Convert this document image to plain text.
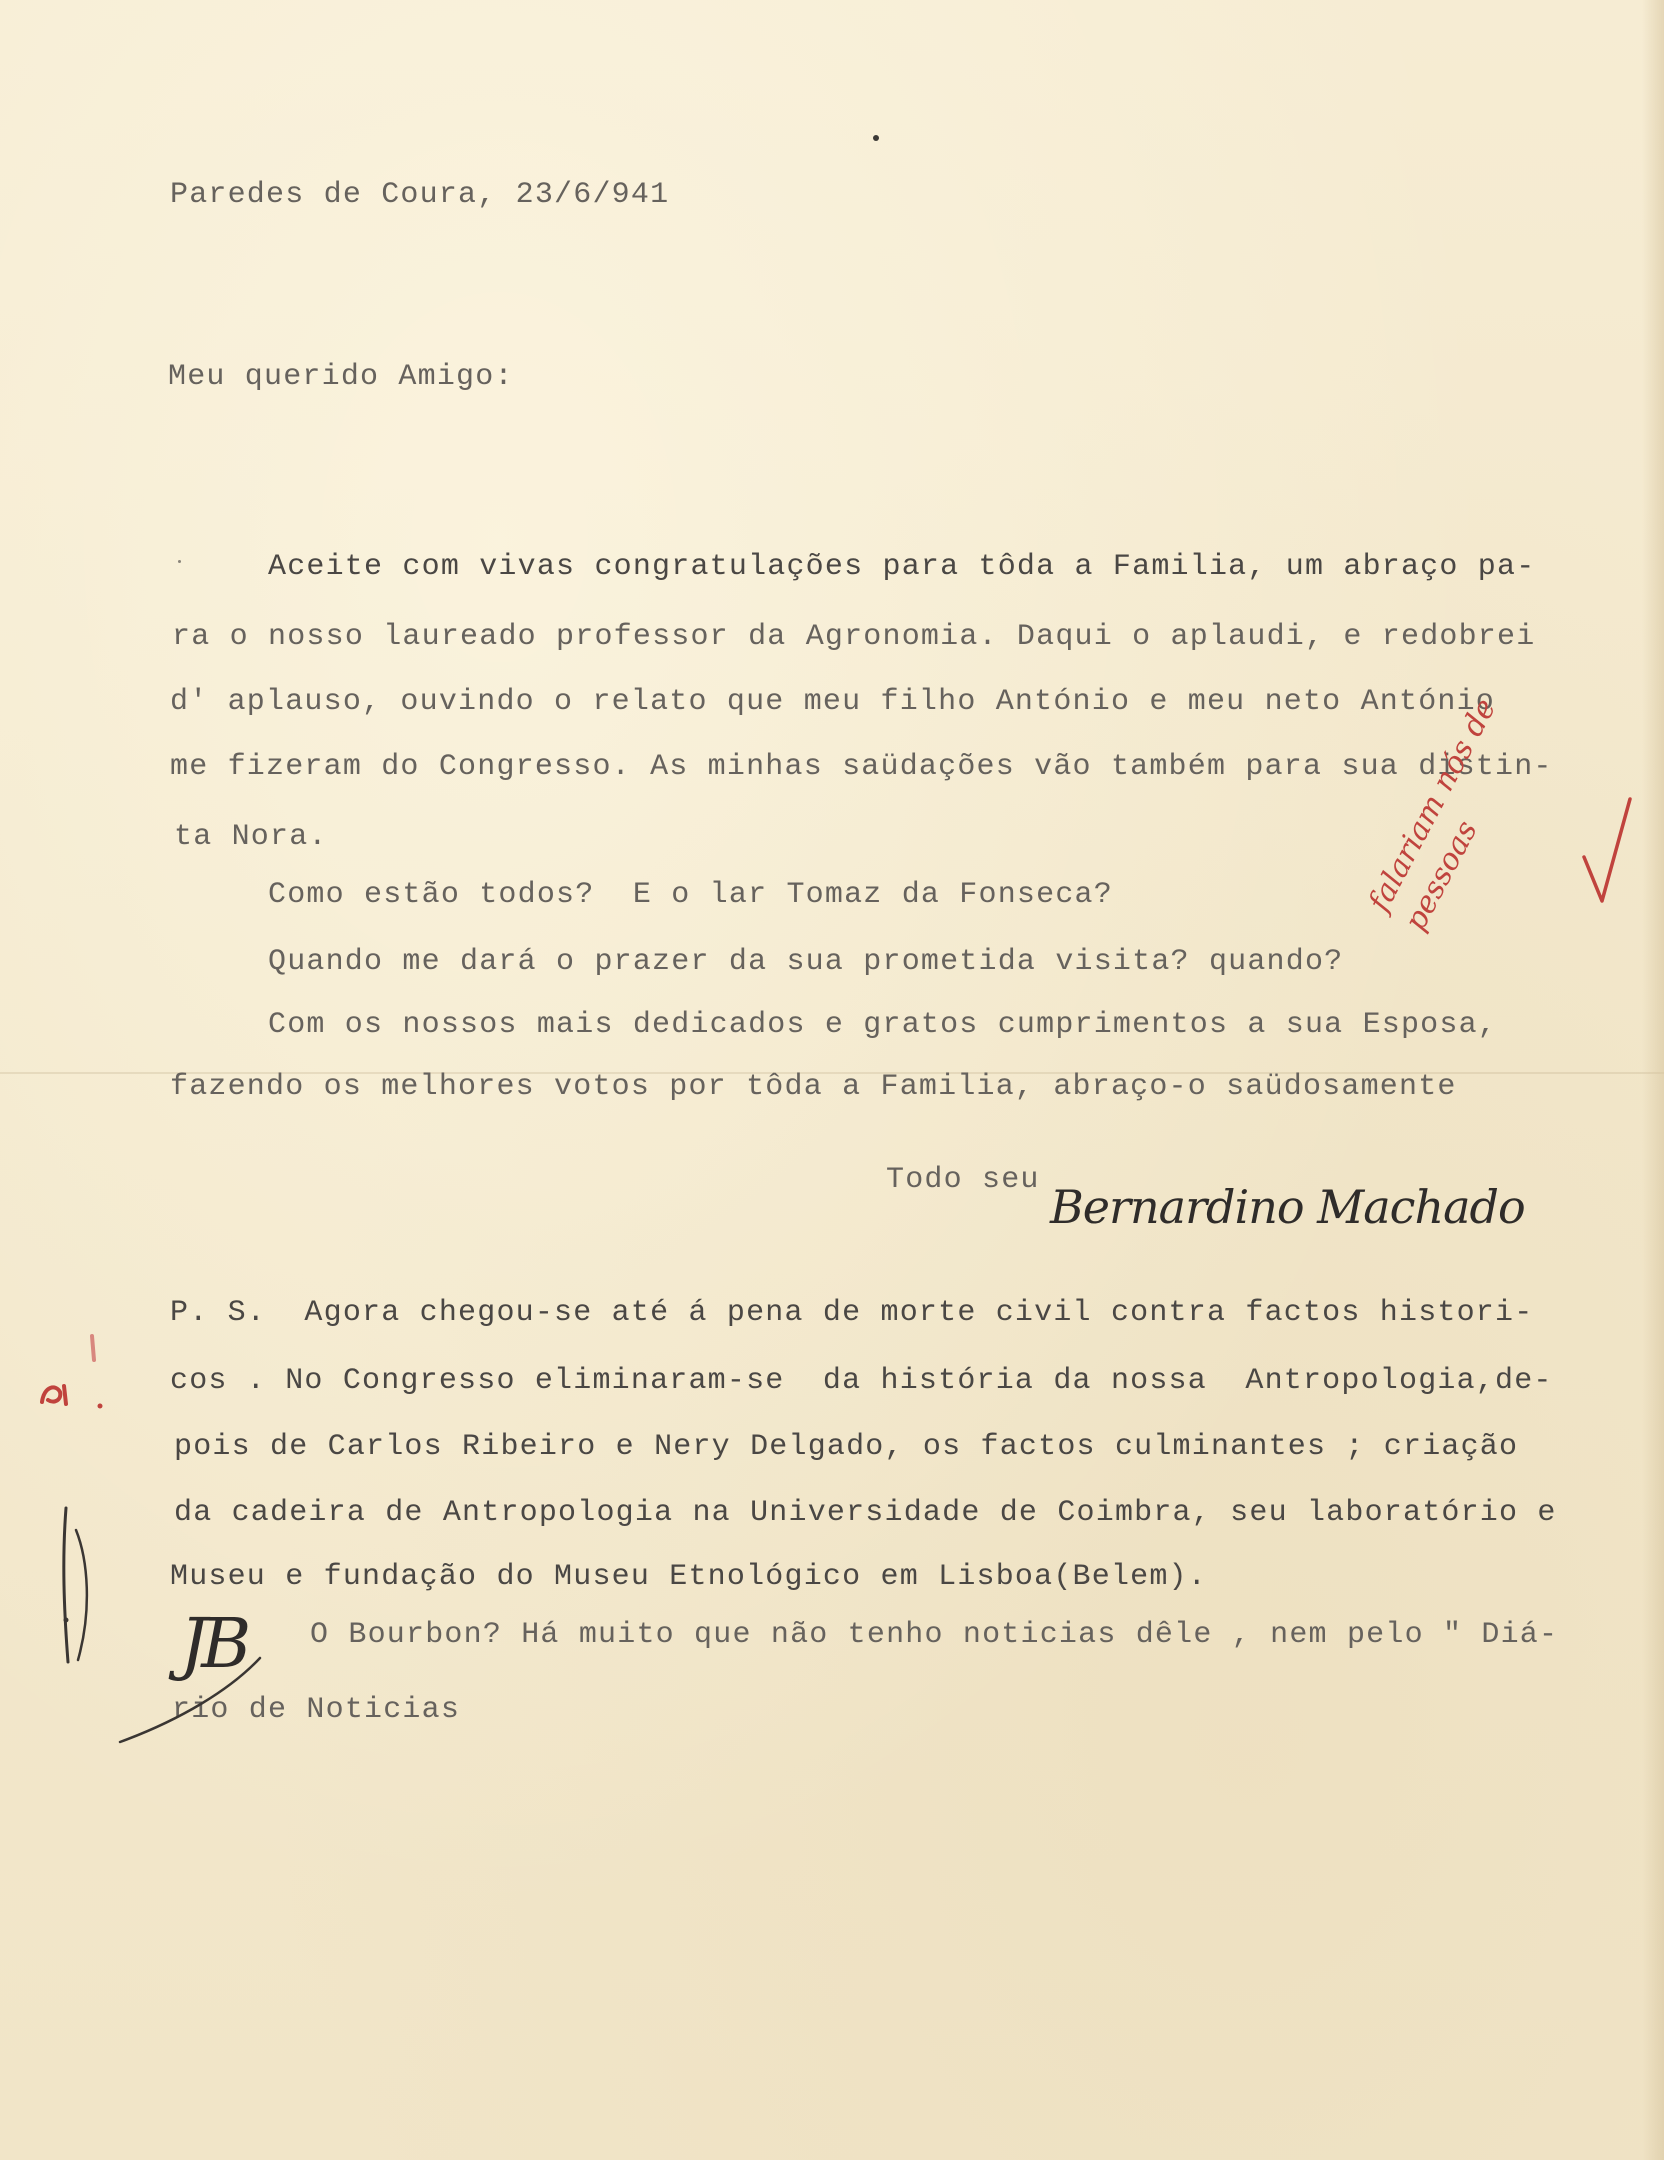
Paredes de Coura, 23/6/941
Meu querido Amigo:
Aceite com vivas congratulações para tôda a Familia, um abraço pa-
ra o nosso laureado professor da Agronomia. Daqui o aplaudi, e redobrei
d' aplauso, ouvindo o relato que meu filho António e meu neto António
me fizeram do Congresso. As minhas saüdações vão também para sua distin-
ta Nora.
Como estão todos?  E o lar Tomaz da Fonseca?
Quando me dará o prazer da sua prometida visita? quando?
Com os nossos mais dedicados e gratos cumprimentos a sua Esposa,
fazendo os melhores votos por tôda a Familia, abraço-o saüdosamente
Todo seu Bernardino Machado
P. S.  Agora chegou-se até á pena de morte civil contra factos histori-
cos . No Congresso eliminaram-se  da história da nossa  Antropologia,de-
pois de Carlos Ribeiro e Nery Delgado, os factos culminantes ; criação
da cadeira de Antropologia na Universidade de Coimbra, seu laboratório e
Museu e fundação do Museu Etnológico em Lisboa(Belem).
O Bourbon? Há muito que não tenho noticias dêle , nem pelo " Diá-
rio de Noticias
falariam nós de pessoas
JB
